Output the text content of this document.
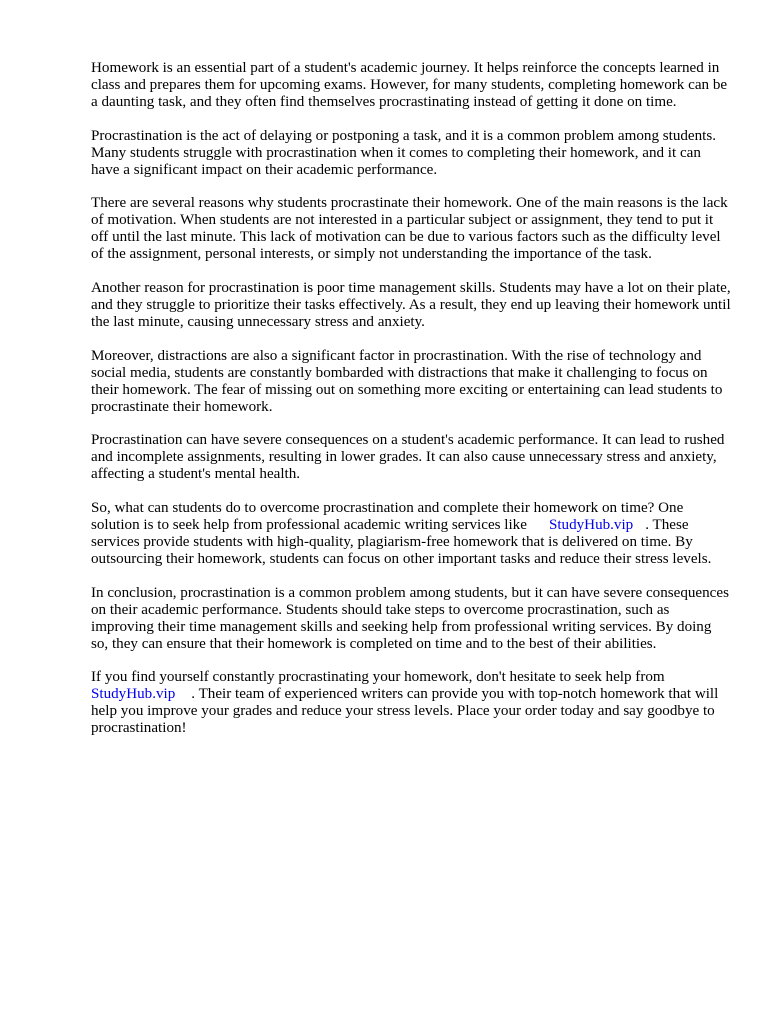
Homework is an essential part of a student's academic journey. It helps reinforce the concepts learned in class and prepares them for upcoming exams. However, for many students, completing homework can be a daunting task, and they often find themselves procrastinating instead of getting it done on time.

Procrastination is the act of delaying or postponing a task, and it is a common problem among students. Many students struggle with procrastination when it comes to completing their homework, and it can have a significant impact on their academic performance.

There are several reasons why students procrastinate their homework. One of the main reasons is the lack of motivation. When students are not interested in a particular subject or assignment, they tend to put it off until the last minute. This lack of motivation can be due to various factors such as the difficulty level of the assignment, personal interests, or simply not understanding the importance of the task.

Another reason for procrastination is poor time management skills. Students may have a lot on their plate, and they struggle to prioritize their tasks effectively. As a result, they end up leaving their homework until the last minute, causing unnecessary stress and anxiety.

Moreover, distractions are also a significant factor in procrastination. With the rise of technology and social media, students are constantly bombarded with distractions that make it challenging to focus on their homework. The fear of missing out on something more exciting or entertaining can lead students to procrastinate their homework.

Procrastination can have severe consequences on a student's academic performance. It can lead to rushed and incomplete assignments, resulting in lower grades. It can also cause unnecessary stress and anxiety, affecting a student's mental health.

So, what can students do to overcome procrastination and complete their homework on time? One solution is to seek help from professional academic writing services like StudyHub.vip . These services provide students with high-quality, plagiarism-free homework that is delivered on time. By outsourcing their homework, students can focus on other important tasks and reduce their stress levels.

In conclusion, procrastination is a common problem among students, but it can have severe consequences on their academic performance. Students should take steps to overcome procrastination, such as improving their time management skills and seeking help from professional writing services. By doing so, they can ensure that their homework is completed on time and to the best of their abilities.

If you find yourself constantly procrastinating your homework, don't hesitate to seek help from StudyHub.vip . Their team of experienced writers can provide you with top-notch homework that will help you improve your grades and reduce your stress levels. Place your order today and say goodbye to procrastination!
